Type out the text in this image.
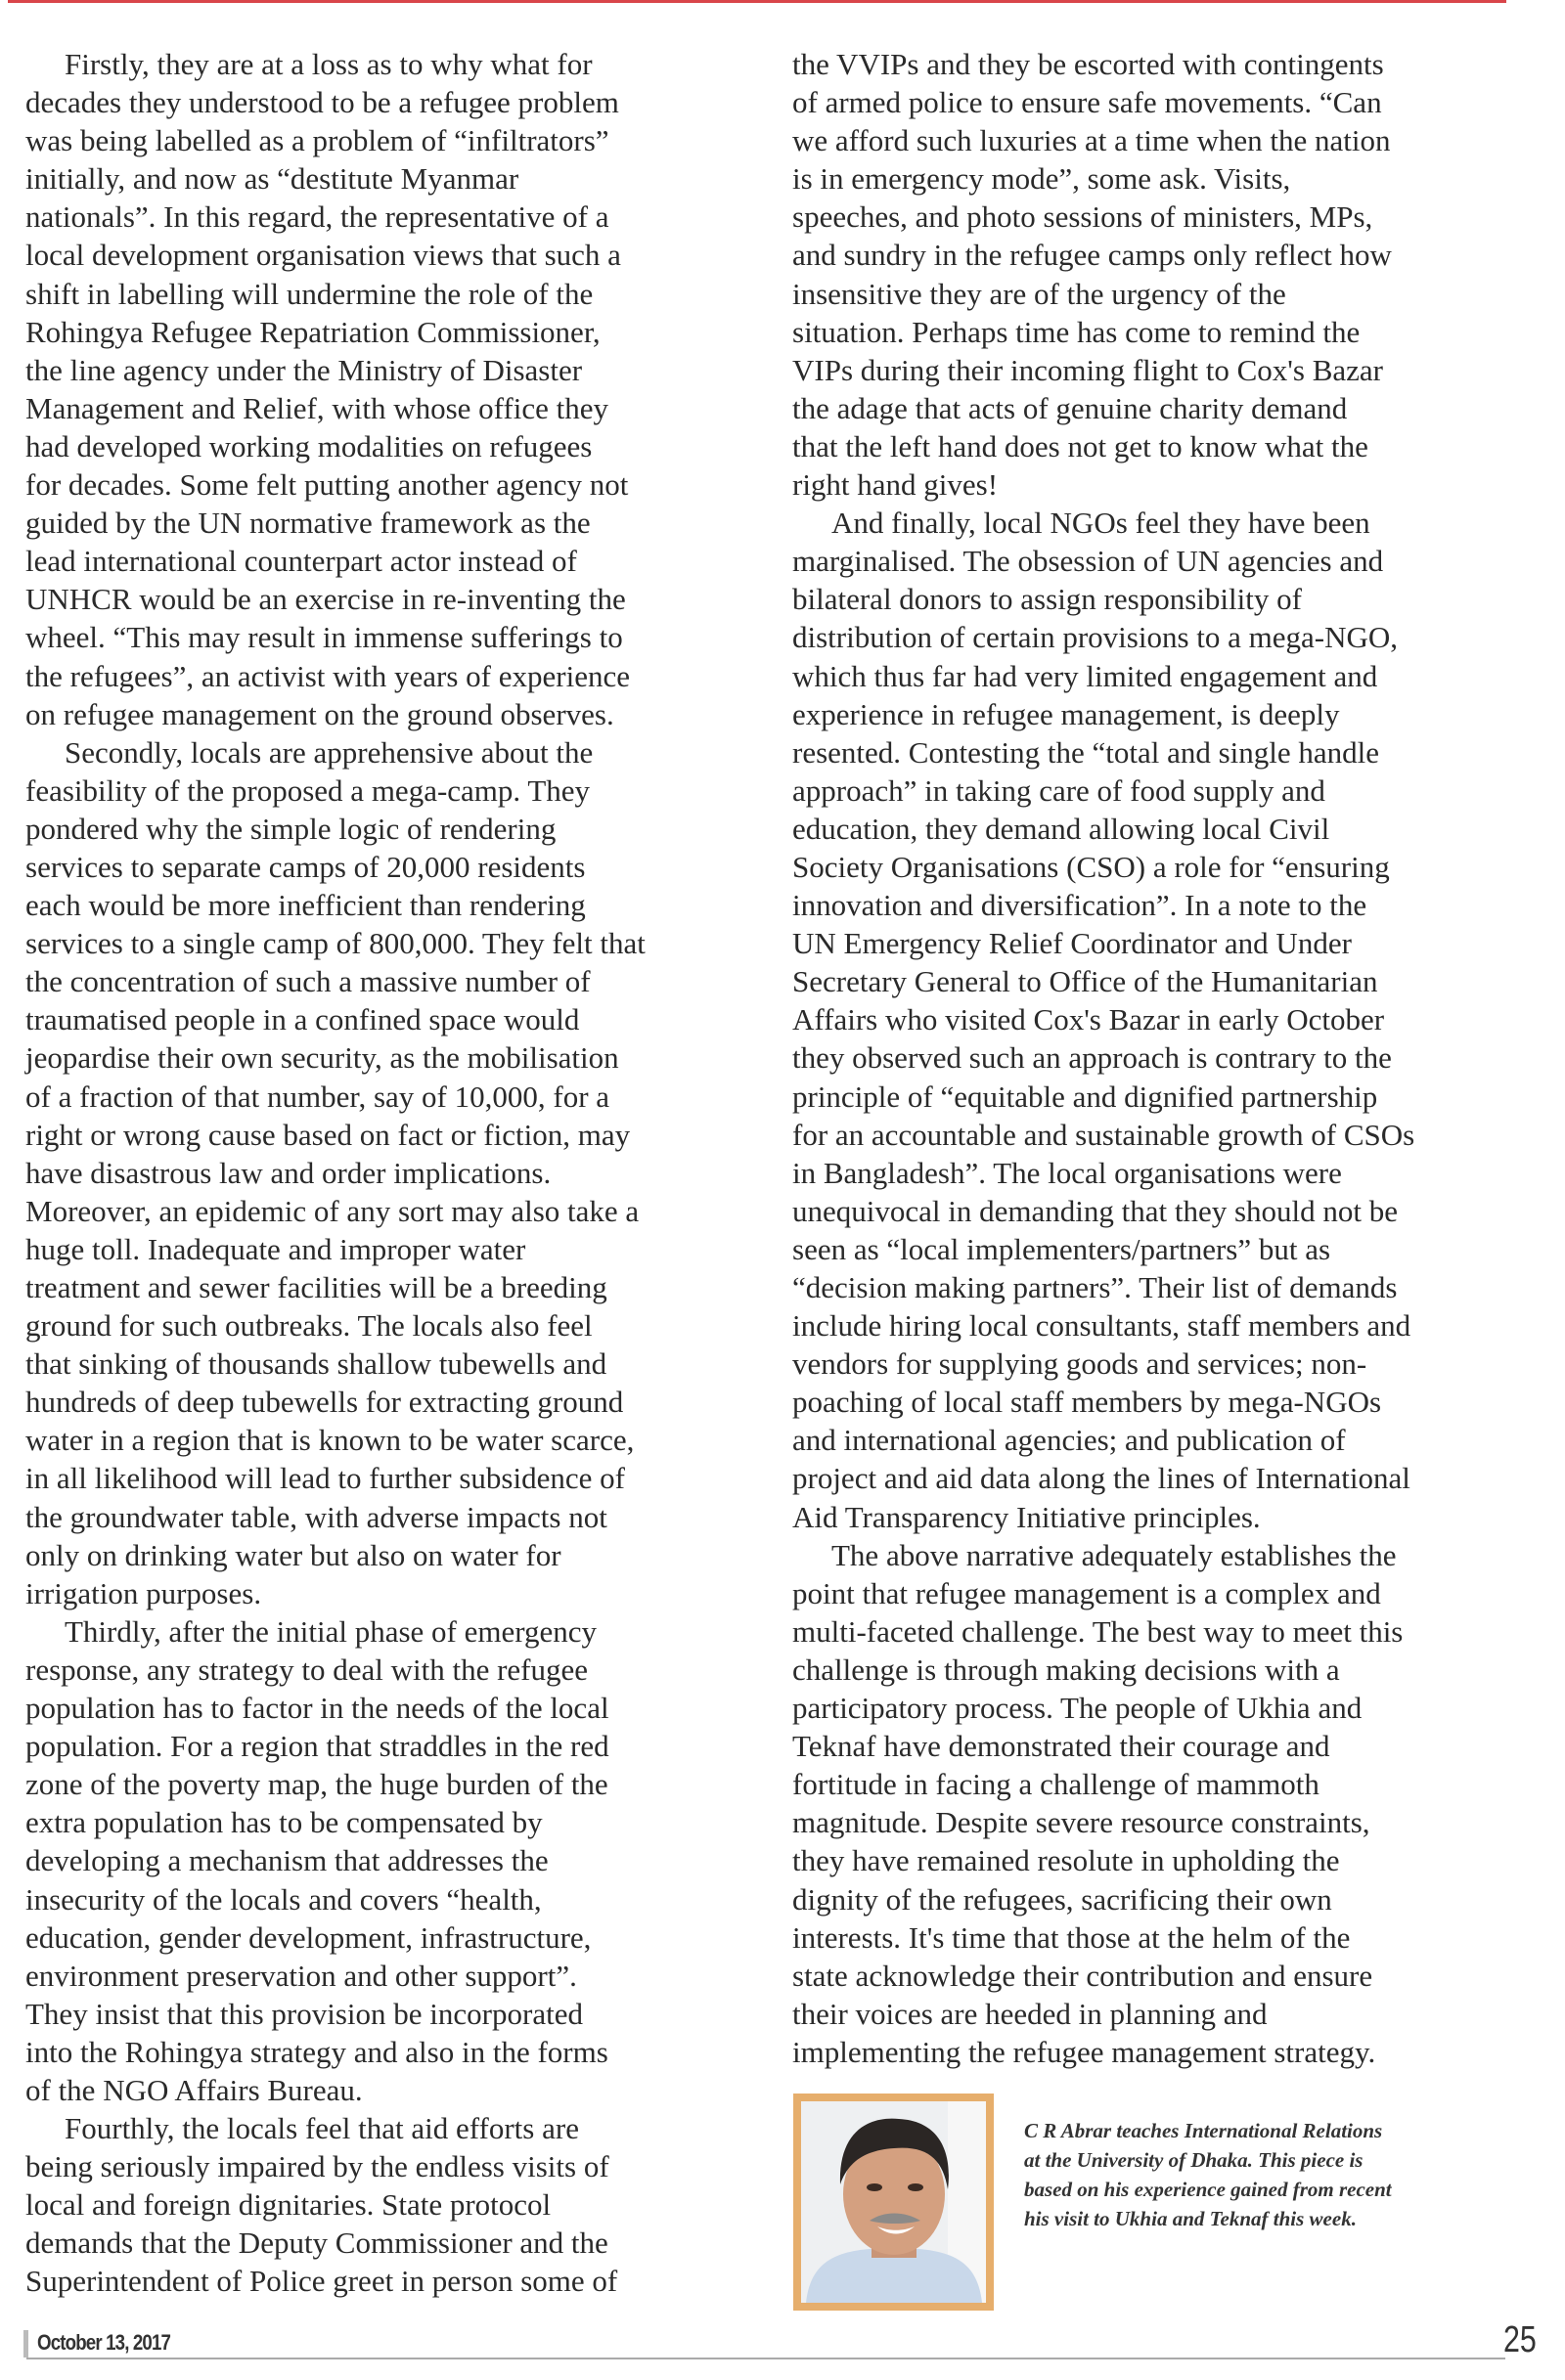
Firstly, they are at a loss as to why what for
decades they understood to be a refugee problem
was being labelled as a problem of “infiltrators”
initially, and now as “destitute Myanmar
nationals”. In this regard, the representative of a
local development organisation views that such a
shift in labelling will undermine the role of the
Rohingya Refugee Repatriation Commissioner,
the line agency under the Ministry of Disaster
Management and Relief, with whose office they
had developed working modalities on refugees
for decades. Some felt putting another agency not
guided by the UN normative framework as the
lead international counterpart actor instead of
UNHCR would be an exercise in re-inventing the
wheel. “This may result in immense sufferings to
the refugees”, an activist with years of experience
on refugee management on the ground observes.
Secondly, locals are apprehensive about the
feasibility of the proposed a mega-camp. They
pondered why the simple logic of rendering
services to separate camps of 20,000 residents
each would be more inefficient than rendering
services to a single camp of 800,000. They felt that
the concentration of such a massive number of
traumatised people in a confined space would
jeopardise their own security, as the mobilisation
of a fraction of that number, say of 10,000, for a
right or wrong cause based on fact or fiction, may
have disastrous law and order implications.
Moreover, an epidemic of any sort may also take a
huge toll. Inadequate and improper water
treatment and sewer facilities will be a breeding
ground for such outbreaks. The locals also feel
that sinking of thousands shallow tubewells and
hundreds of deep tubewells for extracting ground
water in a region that is known to be water scarce,
in all likelihood will lead to further subsidence of
the groundwater table, with adverse impacts not
only on drinking water but also on water for
irrigation purposes.
Thirdly, after the initial phase of emergency
response, any strategy to deal with the refugee
population has to factor in the needs of the local
population. For a region that straddles in the red
zone of the poverty map, the huge burden of the
extra population has to be compensated by
developing a mechanism that addresses the
insecurity of the locals and covers “health,
education, gender development, infrastructure,
environment preservation and other support”.
They insist that this provision be incorporated
into the Rohingya strategy and also in the forms
of the NGO Affairs Bureau.
Fourthly, the locals feel that aid efforts are
being seriously impaired by the endless visits of
local and foreign dignitaries. State protocol
demands that the Deputy Commissioner and the
Superintendent of Police greet in person some of
the VVIPs and they be escorted with contingents
of armed police to ensure safe movements. “Can
we afford such luxuries at a time when the nation
is in emergency mode”, some ask. Visits,
speeches, and photo sessions of ministers, MPs,
and sundry in the refugee camps only reflect how
insensitive they are of the urgency of the
situation. Perhaps time has come to remind the
VIPs during their incoming flight to Cox's Bazar
the adage that acts of genuine charity demand
that the left hand does not get to know what the
right hand gives!
And finally, local NGOs feel they have been
marginalised. The obsession of UN agencies and
bilateral donors to assign responsibility of
distribution of certain provisions to a mega-NGO,
which thus far had very limited engagement and
experience in refugee management, is deeply
resented. Contesting the “total and single handle
approach” in taking care of food supply and
education, they demand allowing local Civil
Society Organisations (CSO) a role for “ensuring
innovation and diversification”. In a note to the
UN Emergency Relief Coordinator and Under
Secretary General to Office of the Humanitarian
Affairs who visited Cox's Bazar in early October
they observed such an approach is contrary to the
principle of “equitable and dignified partnership
for an accountable and sustainable growth of CSOs
in Bangladesh”. The local organisations were
unequivocal in demanding that they should not be
seen as “local implementers/partners” but as
“decision making partners”. Their list of demands
include hiring local consultants, staff members and
vendors for supplying goods and services; non-
poaching of local staff members by mega-NGOs
and international agencies; and publication of
project and aid data along the lines of International
Aid Transparency Initiative principles.
The above narrative adequately establishes the
point that refugee management is a complex and
multi-faceted challenge. The best way to meet this
challenge is through making decisions with a
participatory process. The people of Ukhia and
Teknaf have demonstrated their courage and
fortitude in facing a challenge of mammoth
magnitude. Despite severe resource constraints,
they have remained resolute in upholding the
dignity of the refugees, sacrificing their own
interests. It's time that those at the helm of the
state acknowledge their contribution and ensure
their voices are heeded in planning and
implementing the refugee management strategy.
C R Abrar teaches International Relations
at the University of Dhaka. This piece is
based on his experience gained from recent
his visit to Ukhia and Teknaf this week.
October 13, 2017	25
